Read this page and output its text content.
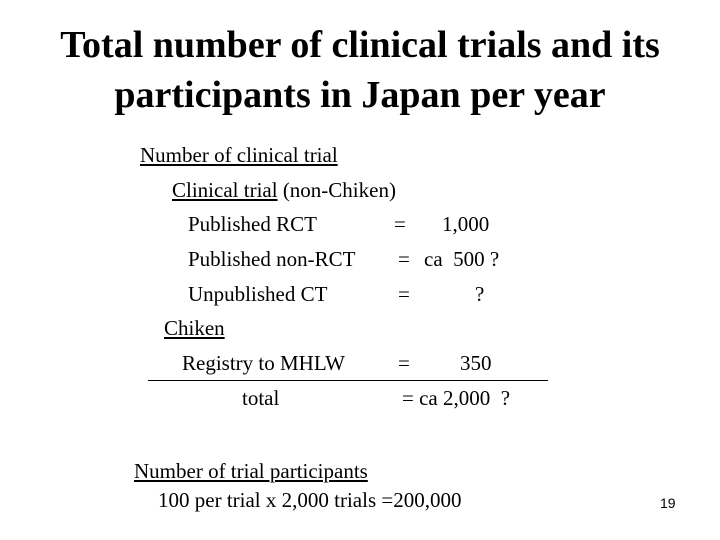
Total number of clinical trials and its
participants in Japan per year
Number of clinical trial
Clinical trial (non-Chiken)
Published RCT	= 1,000
Published non-RCT = ca  500 ?
Unpublished CT	=	?
Chiken
Registry to MHLW	= 350
total	= ca 2,000  ?
Number of trial participants
100 per trial x 2,000 trials =200,000	19
